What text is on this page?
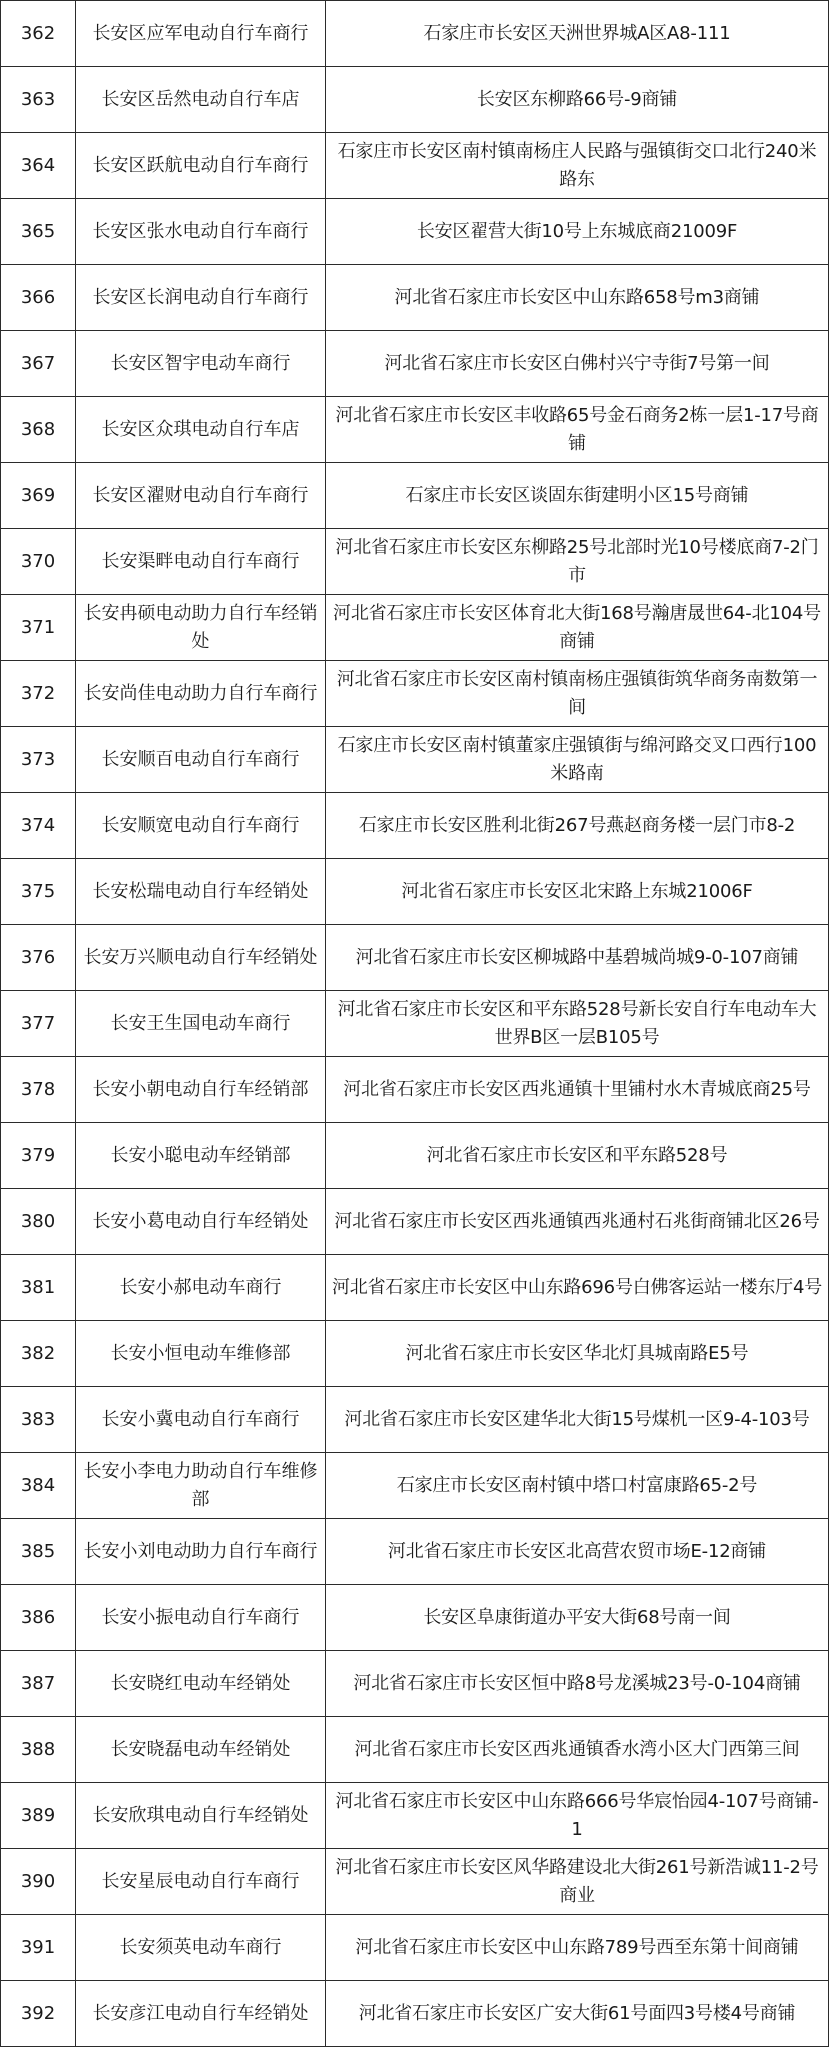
362	长安区应军电动自行车商行	石家庄市长安区天洲世界城A区A8-111
363	长安区岳然电动自行车店	长安区东柳路66号-9商铺
364	长安区跃航电动自行车商行	石家庄市长安区南村镇南杨庄人民路与强镇街交口北行240米路东
365	长安区张水电动自行车商行	长安区翟营大街10号上东城底商21009F
366	长安区长润电动自行车商行	河北省石家庄市长安区中山东路658号m3商铺
367	长安区智宇电动车商行	河北省石家庄市长安区白佛村兴宁寺街7号第一间
368	长安区众琪电动自行车店	河北省石家庄市长安区丰收路65号金石商务2栋一层1-17号商铺
369	长安区濯财电动自行车商行	石家庄市长安区谈固东街建明小区15号商铺
370	长安渠畔电动自行车商行	河北省石家庄市长安区东柳路25号北部时光10号楼底商7-2门市
371	长安冉硕电动助力自行车经销处	河北省石家庄市长安区体育北大街168号瀚唐晟世64-北104号商铺
372	长安尚佳电动助力自行车商行	河北省石家庄市长安区南村镇南杨庄强镇街筑华商务南数第一间
373	长安顺百电动自行车商行	石家庄市长安区南村镇董家庄强镇街与绵河路交叉口西行100米路南
374	长安顺宽电动自行车商行	石家庄市长安区胜利北街267号燕赵商务楼一层门市8-2
375	长安松瑞电动自行车经销处	河北省石家庄市长安区北宋路上东城21006F
376	长安万兴顺电动自行车经销处	河北省石家庄市长安区柳城路中基碧城尚城9-0-107商铺
377	长安王生国电动车商行	河北省石家庄市长安区和平东路528号新长安自行车电动车大世界B区一层B105号
378	长安小朝电动自行车经销部	河北省石家庄市长安区西兆通镇十里铺村水木青城底商25号
379	长安小聪电动车经销部	河北省石家庄市长安区和平东路528号
380	长安小葛电动自行车经销处	河北省石家庄市长安区西兆通镇西兆通村石兆街商铺北区26号
381	长安小郝电动车商行	河北省石家庄市长安区中山东路696号白佛客运站一楼东厅4号
382	长安小恒电动车维修部	河北省石家庄市长安区华北灯具城南路E5号
383	长安小冀电动自行车商行	河北省石家庄市长安区建华北大街15号煤机一区9-4-103号
384	长安小李电力助动自行车维修部	石家庄市长安区南村镇中塔口村富康路65-2号
385	长安小刘电动助力自行车商行	河北省石家庄市长安区北高营农贸市场E-12商铺
386	长安小振电动自行车商行	长安区阜康街道办平安大街68号南一间
387	长安晓红电动车经销处	河北省石家庄市长安区恒中路8号龙溪城23号-0-104商铺
388	长安晓磊电动车经销处	河北省石家庄市长安区西兆通镇香水湾小区大门西第三间
389	长安欣琪电动自行车经销处	河北省石家庄市长安区中山东路666号华宸怡园4-107号商铺-1
390	长安星辰电动自行车商行	河北省石家庄市长安区风华路建设北大街261号新浩诚11-2号商业
391	长安须英电动车商行	河北省石家庄市长安区中山东路789号西至东第十间商铺
392	长安彦江电动自行车经销处	河北省石家庄市长安区广安大街61号面四3号楼4号商铺
